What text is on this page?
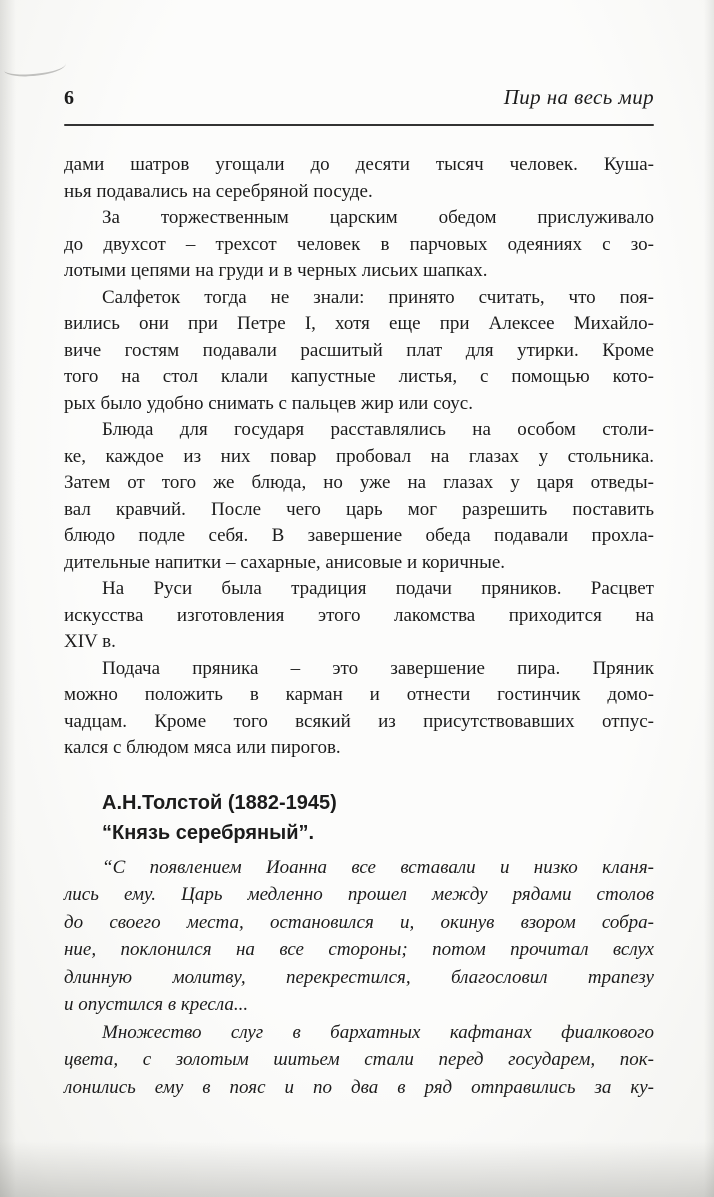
6	Пир на весь мир
дами шатров угощали до десяти тысяч человек. Куша-
нья подавались на серебряной посуде.
За торжественным царским обедом прислуживало
до двухсот – трехсот человек в парчовых одеяниях с зо-
лотыми цепями на груди и в черных лисьих шапках.
Салфеток тогда не знали: принято считать, что поя-
вились они при Петре I, хотя еще при Алексее Михайло-
виче гостям подавали расшитый плат для утирки. Кроме
того на стол клали капустные листья, с помощью кото-
рых было удобно снимать с пальцев жир или соус.
Блюда для государя расставлялись на особом столи-
ке, каждое из них повар пробовал на глазах у стольника.
Затем от того же блюда, но уже на глазах у царя отведы-
вал кравчий. После чего царь мог разрешить поставить
блюдо подле себя. В завершение обеда подавали прохла-
дительные напитки – сахарные, анисовые и коричные.
На Руси была традиция подачи пряников. Расцвет
искусства изготовления этого лакомства приходится на
XIV в.
Подача пряника – это завершение пира. Пряник
можно положить в карман и отнести гостинчик домо-
чадцам. Кроме того всякий из присутствовавших отпус-
кался с блюдом мяса или пирогов.
А.Н.Толстой (1882-1945)
“Князь серебряный”.
“С появлением Иоанна все вставали и низко кланя-
лись ему. Царь медленно прошел между рядами столов
до своего места, остановился и, окинув взором собра-
ние, поклонился на все стороны; потом прочитал вслух
длинную молитву, перекрестился, благословил трапезу
и опустился в кресла...
Множество слуг в бархатных кафтанах фиалкового
цвета, с золотым шитьем стали перед государем, пок-
лонились ему в пояс и по два в ряд отправились за ку-
